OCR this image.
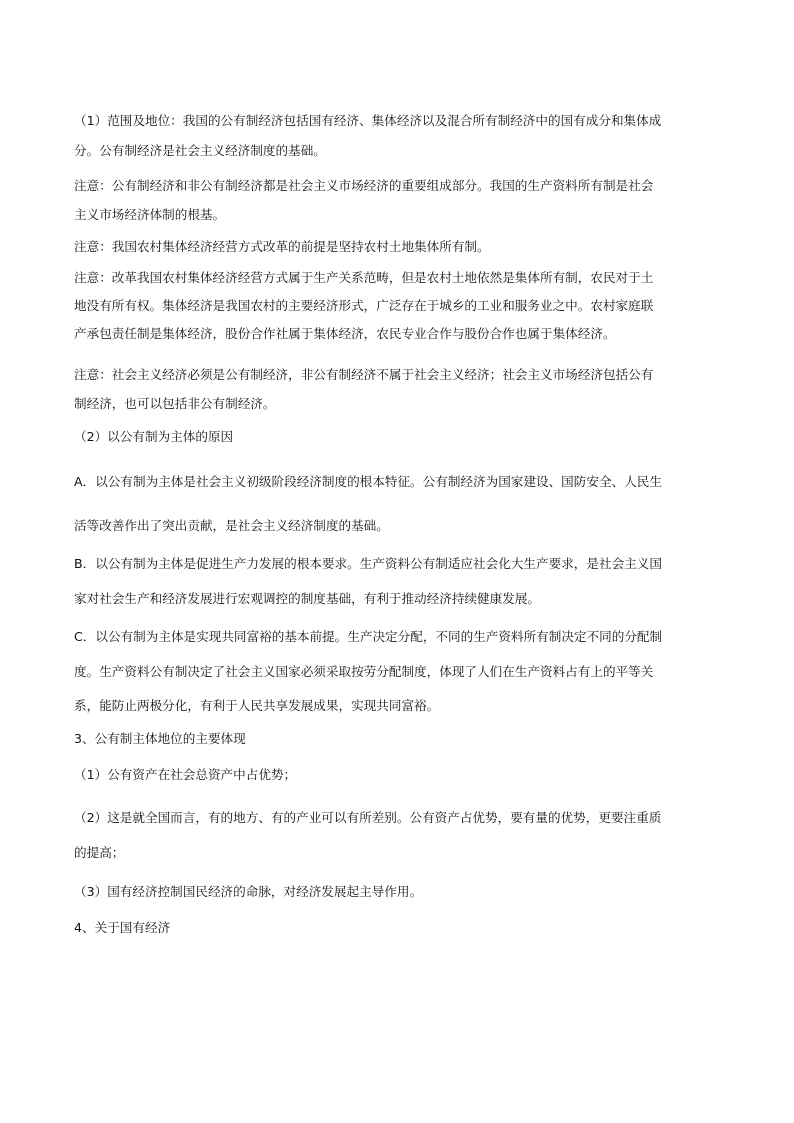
（1）范围及地位：我国的公有制经济包括国有经济、集体经济以及混合所有制经济中的国有成分和集体成
分。公有制经济是社会主义经济制度的基础。

注意：公有制经济和非公有制经济都是社会主义市场经济的重要组成部分。我国的生产资料所有制是社会
主义市场经济体制的根基。

注意：我国农村集体经济经营方式改革的前提是坚持农村土地集体所有制。

注意：改革我国农村集体经济经营方式属于生产关系范畴，但是农村土地依然是集体所有制，农民对于土
地没有所有权。集体经济是我国农村的主要经济形式，广泛存在于城乡的工业和服务业之中。农村家庭联
产承包责任制是集体经济，股份合作社属于集体经济，农民专业合作与股份合作也属于集体经济。

注意：社会主义经济必须是公有制经济，非公有制经济不属于社会主义经济；社会主义市场经济包括公有
制经济，也可以包括非公有制经济。

（2）以公有制为主体的原因

A．以公有制为主体是社会主义初级阶段经济制度的根本特征。公有制经济为国家建设、国防安全、人民生
活等改善作出了突出贡献，是社会主义经济制度的基础。

B．以公有制为主体是促进生产力发展的根本要求。生产资料公有制适应社会化大生产要求，是社会主义国
家对社会生产和经济发展进行宏观调控的制度基础，有利于推动经济持续健康发展。

C．以公有制为主体是实现共同富裕的基本前提。生产决定分配，不同的生产资料所有制决定不同的分配制
度。生产资料公有制决定了社会主义国家必须采取按劳分配制度，体现了人们在生产资料占有上的平等关
系，能防止两极分化，有利于人民共享发展成果，实现共同富裕。

3、公有制主体地位的主要体现

（1）公有资产在社会总资产中占优势；

（2）这是就全国而言，有的地方、有的产业可以有所差别。公有资产占优势，要有量的优势，更要注重质
的提高；

（3）国有经济控制国民经济的命脉，对经济发展起主导作用。

4、关于国有经济
